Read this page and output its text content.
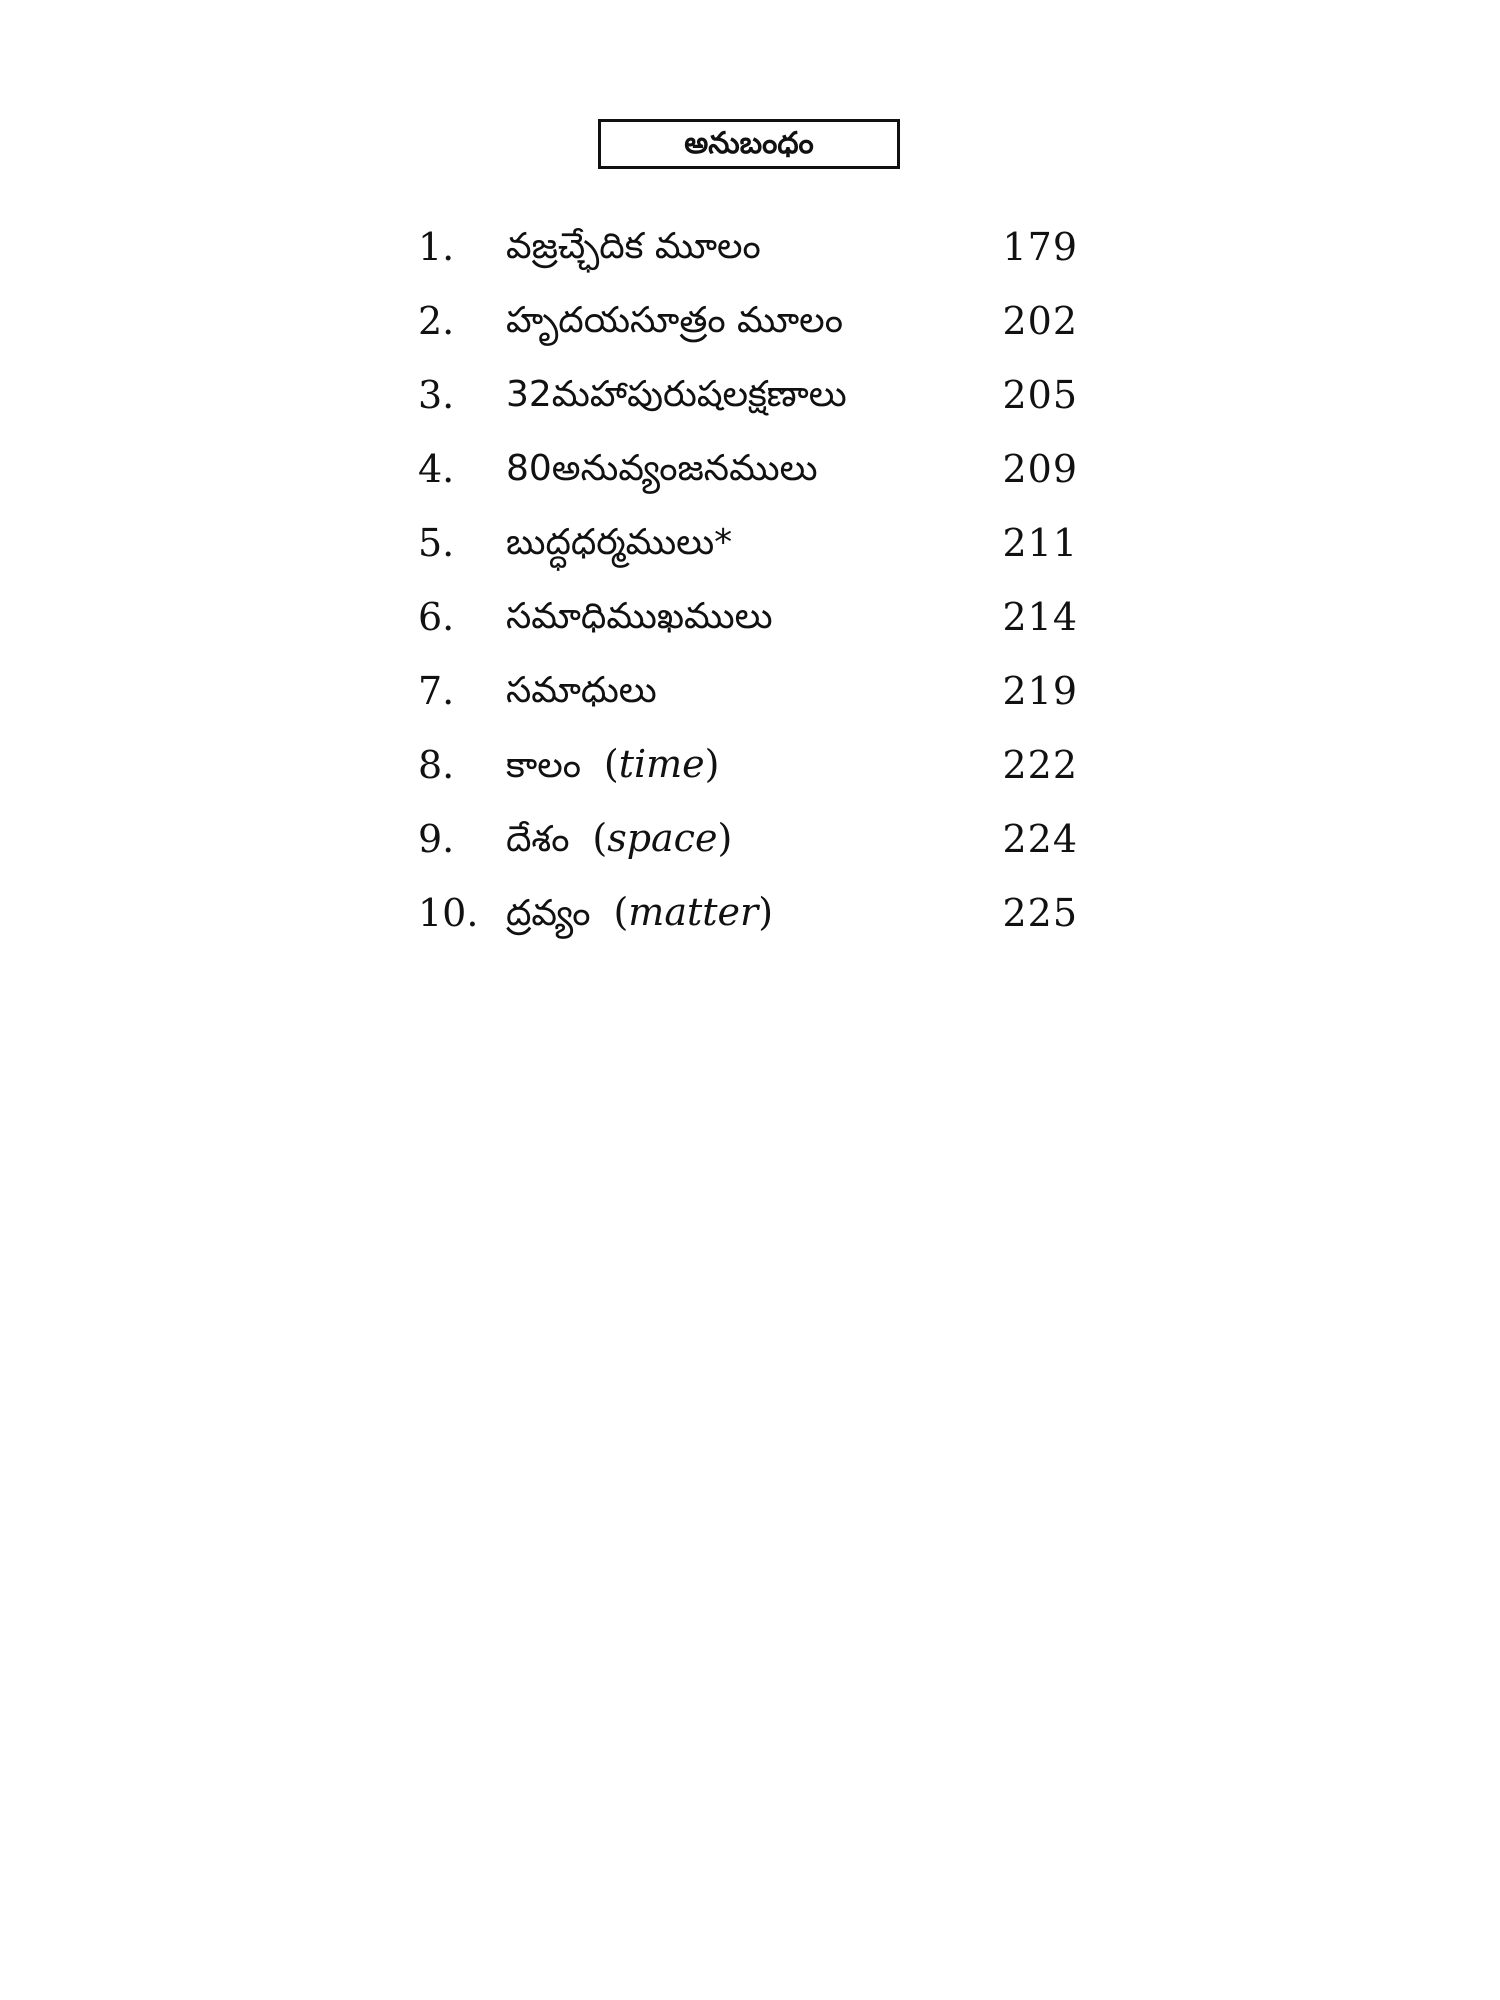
అనుబంధం
1.	వజ్రచ్ఛేదిక మూలం	179
2.	హృదయసూత్రం మూలం	202
3.	32మహాపురుషలక్షణాలు	205
4.	80అనువ్యంజనములు	209
5.	బుద్ధధర్మములు*	211
6.	సమాధిముఖములు	214
7.	సమాధులు	219
8.	కాలం (time)	222
9.	దేశం (space)	224
10. ద్రవ్యం (matter)	225
